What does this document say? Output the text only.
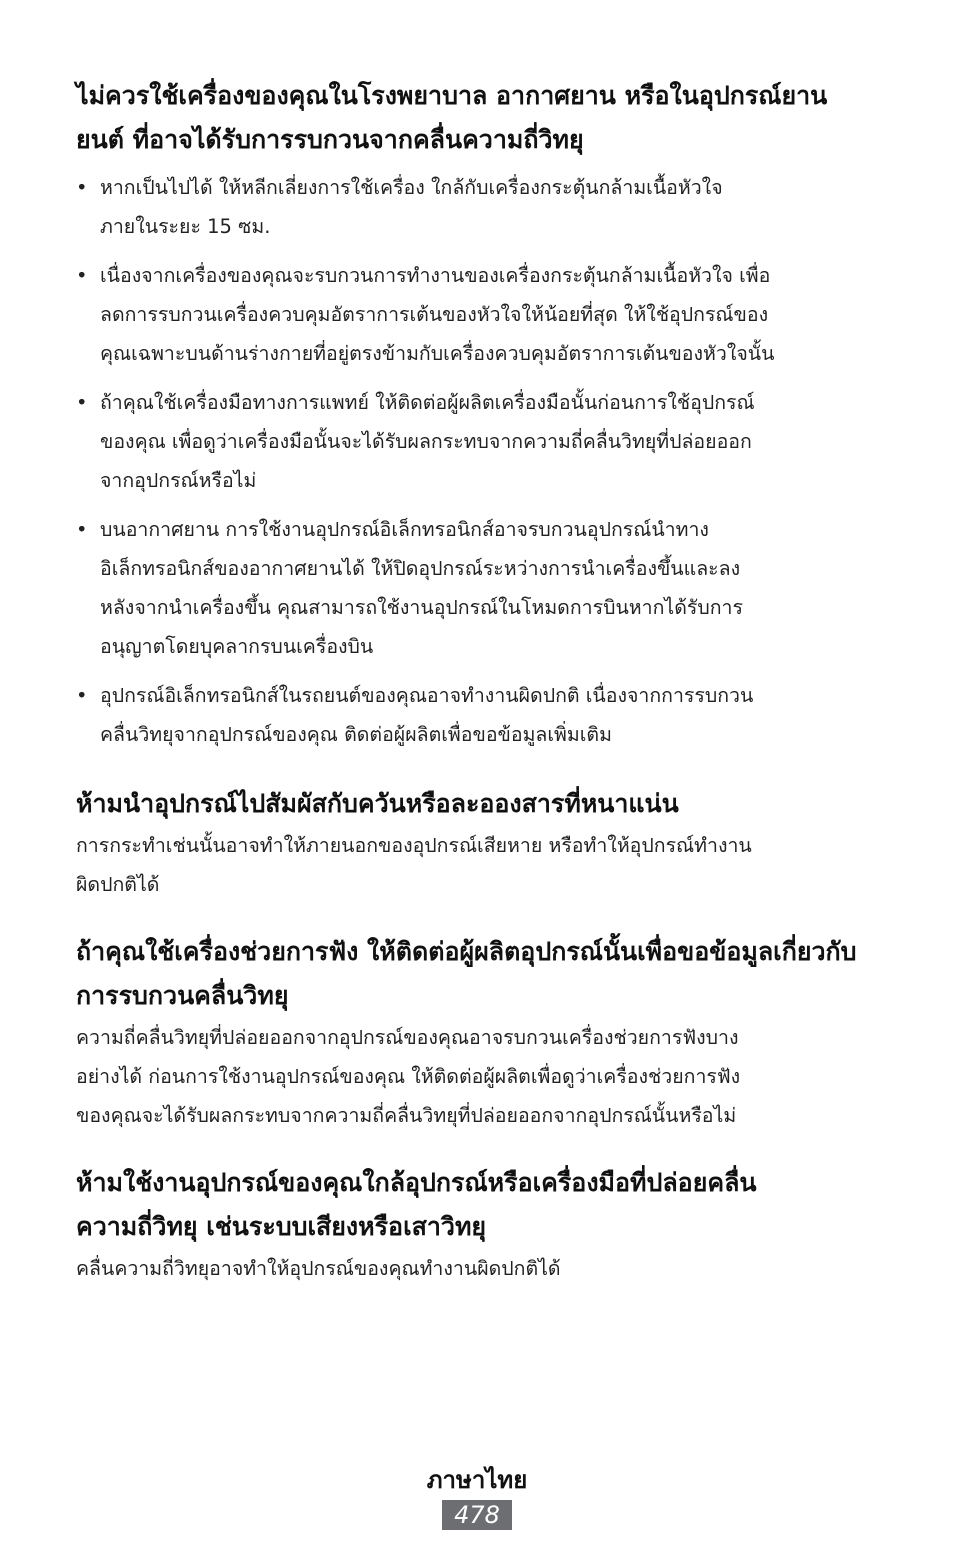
ไม่ควรใช้เครื่องของคุณในโรงพยาบาล อากาศยาน หรือในอุปกรณ์ยาน
ยนต์ ที่อาจได้รับการรบกวนจากคลื่นความถี่วิทยุ
• หากเป็นไปได้ ให้หลีกเลี่ยงการใช้เครื่อง ใกล้กับเครื่องกระตุ้นกล้ามเนื้อหัวใจ
ภายในระยะ 15 ซม.
• เนื่องจากเครื่องของคุณจะรบกวนการทำงานของเครื่องกระตุ้นกล้ามเนื้อหัวใจ เพื่อ
ลดการรบกวนเครื่องควบคุมอัตราการเต้นของหัวใจให้น้อยที่สุด ให้ใช้อุปกรณ์ของ
คุณเฉพาะบนด้านร่างกายที่อยู่ตรงข้ามกับเครื่องควบคุมอัตราการเต้นของหัวใจนั้น
• ถ้าคุณใช้เครื่องมือทางการแพทย์ ให้ติดต่อผู้ผลิตเครื่องมือนั้นก่อนการใช้อุปกรณ์
ของคุณ เพื่อดูว่าเครื่องมือนั้นจะได้รับผลกระทบจากความถี่คลื่นวิทยุที่ปล่อยออก
จากอุปกรณ์หรือไม่
• บนอากาศยาน การใช้งานอุปกรณ์อิเล็กทรอนิกส์อาจรบกวนอุปกรณ์นำทาง
อิเล็กทรอนิกส์ของอากาศยานได้ ให้ปิดอุปกรณ์ระหว่างการนำเครื่องขึ้นและลง
หลังจากนำเครื่องขึ้น คุณสามารถใช้งานอุปกรณ์ในโหมดการบินหากได้รับการ
อนุญาตโดยบุคลากรบนเครื่องบิน
• อุปกรณ์อิเล็กทรอนิกส์ในรถยนต์ของคุณอาจทำงานผิดปกติ เนื่องจากการรบกวน
คลื่นวิทยุจากอุปกรณ์ของคุณ ติดต่อผู้ผลิตเพื่อขอข้อมูลเพิ่มเติม
ห้ามนำอุปกรณ์ไปสัมผัสกับควันหรือละอองสารที่หนาแน่น

การกระทำเช่นนั้นอาจทำให้ภายนอกของอุปกรณ์เสียหาย หรือทำให้อุปกรณ์ทำงาน
ผิดปกติได้

ถ้าคุณใช้เครื่องช่วยการฟัง ให้ติดต่อผู้ผลิตอุปกรณ์นั้นเพื่อขอข้อมูลเกี่ยวกับ
การรบกวนคลื่นวิทยุ

ความถี่คลื่นวิทยุที่ปล่อยออกจากอุปกรณ์ของคุณอาจรบกวนเครื่องช่วยการฟังบาง
อย่างได้ ก่อนการใช้งานอุปกรณ์ของคุณ ให้ติดต่อผู้ผลิตเพื่อดูว่าเครื่องช่วยการฟัง
ของคุณจะได้รับผลกระทบจากความถี่คลื่นวิทยุที่ปล่อยออกจากอุปกรณ์นั้นหรือไม่

ห้ามใช้งานอุปกรณ์ของคุณใกล้อุปกรณ์หรือเครื่องมือที่ปล่อยคลื่น
ความถี่วิทยุ เช่นระบบเสียงหรือเสาวิทยุ

คลื่นความถี่วิทยุอาจทำให้อุปกรณ์ของคุณทำงานผิดปกติได้

ภาษาไทย
478
